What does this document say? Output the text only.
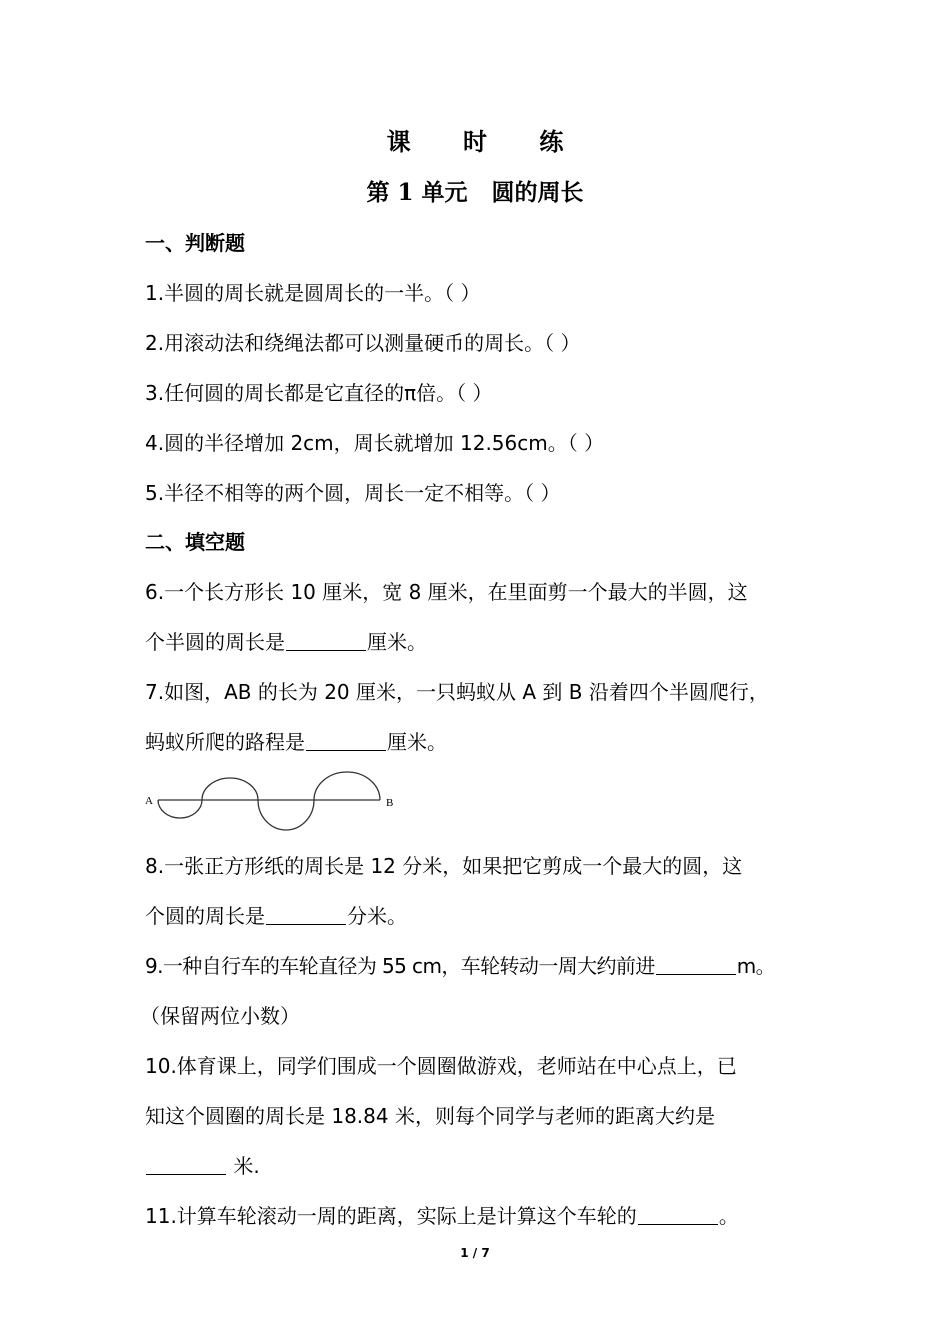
课 时 练
第 1 单元   圆的周长
一、判断题
1.半圆的周长就是圆周长的一半。（ ）
2.用滚动法和绕绳法都可以测量硬币的周长。（ ）
3.任何圆的周长都是它直径的π倍。（ ）
4.圆的半径增加 2cm，周长就增加 12.56cm。（ ）
5.半径不相等的两个圆，周长一定不相等。（ ）
二、填空题
6.一个长方形长 10 厘米，宽 8 厘米，在里面剪一个最大的半圆，这
个半圆的周长是	厘米。
7.如图，AB 的长为 20 厘米，一只蚂蚁从 A 到 B 沿着四个半圆爬行，
蚂蚁所爬的路程是	厘米。
A	B
8.一张正方形纸的周长是 12 分米，如果把它剪成一个最大的圆，这
个圆的周长是	分米。
9.一种自行车的车轮直径为 55 cm，车轮转动一周大约前进	m。
（保留两位小数）
10.体育课上，同学们围成一个圆圈做游戏，老师站在中心点上，已
知这个圆圈的周长是 18.84 米，则每个同学与老师的距离大约是
米.
11.计算车轮滚动一周的距离，实际上是计算这个车轮的	。
1 / 7
